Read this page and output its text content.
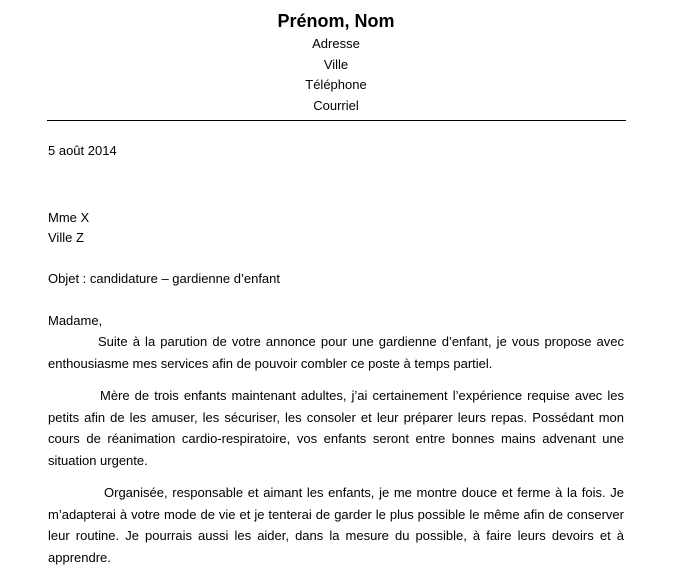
Prénom, Nom

Adresse

Ville

Téléphone

Courriel

5 août 2014

Mme X

Ville Z

Objet : candidature – gardienne d’enfant

Madame,

Suite à la parution de votre annonce pour une gardienne d’enfant, je vous propose avec enthousiasme mes services afin de pouvoir combler ce poste à temps partiel.

Mère de trois enfants maintenant adultes, j’ai certainement l’expérience requise avec les petits afin de les amuser, les sécuriser, les consoler et leur préparer leurs repas. Possédant mon cours de réanimation cardio-respiratoire, vos enfants seront entre bonnes mains advenant une situation urgente.

Organisée, responsable et aimant les enfants, je me montre douce et ferme à la fois. Je m’adapterai à votre mode de vie et je tenterai de garder le plus possible le même afin de conserver leur routine. Je pourrais aussi les aider, dans la mesure du possible, à faire leurs devoirs et à apprendre.
